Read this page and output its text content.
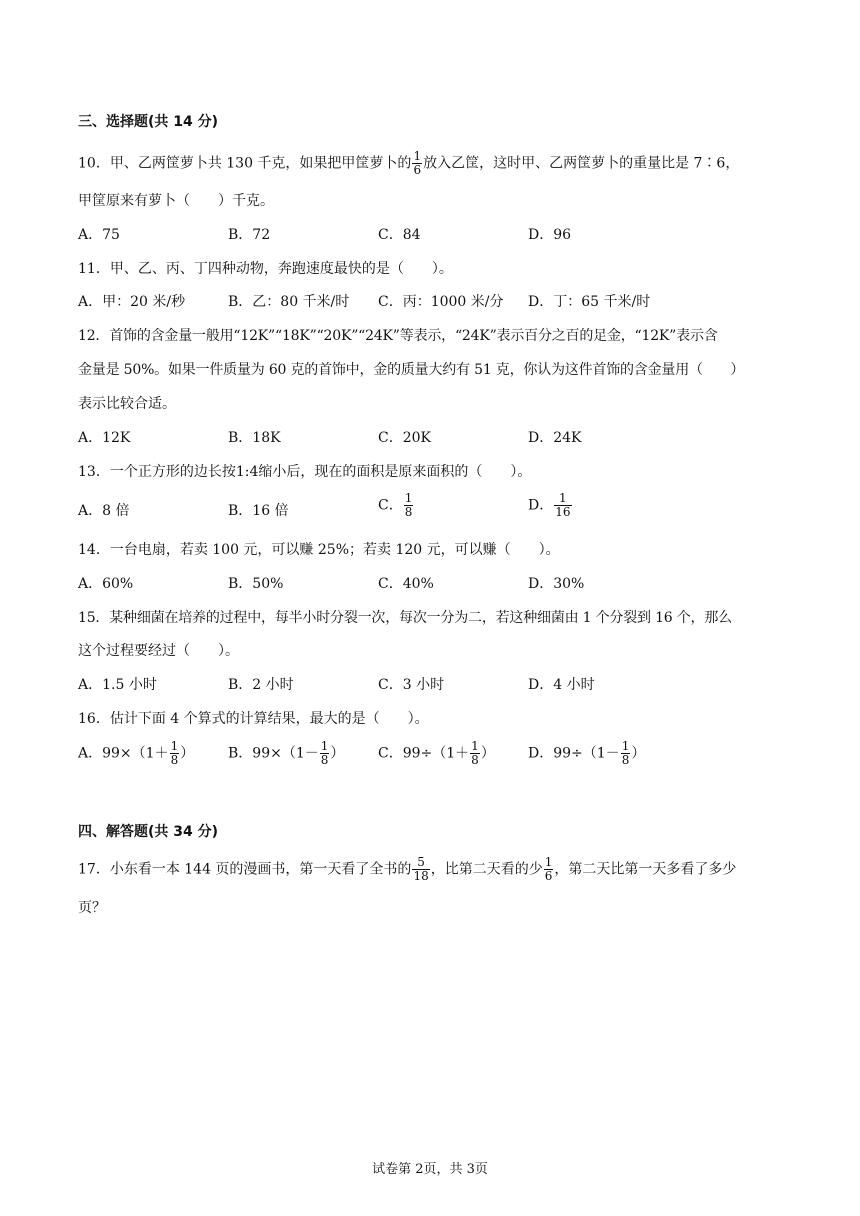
三、选择题(共 14 分)
10．甲、乙两筐萝卜共 130 千克，如果把甲筐萝卜的 $\frac{1}{6}$ 放入乙筐，这时甲、乙两筐萝卜的重量比是 7∶6，
甲筐原来有萝卜（　　）千克。
A．75	B．72	C．84	D．96
11．甲、乙、丙、丁四种动物，奔跑速度最快的是（　　）。
A．甲：20 米/秒	B．乙：80 千米/时 C．丙：1000 米/分 D．丁：65 千米/时
12．首饰的含金量一般用“12K”“18K”“20K”“24K”等表示，“24K”表示百分之百的足金，“12K”表示含
金量是 50%。如果一件质量为 60 克的首饰中，金的质量大约有 51 克，你认为这件首饰的含金量用（　　）
表示比较合适。
A．12K	B．18K	C．20K	D．24K
13．一个正方形的边长按1:4缩小后，现在的面积是原来面积的（　　）。
A．8 倍	B．16 倍	C． $\frac{1}{8}$	D． $\frac{1}{16}$
14．一台电扇，若卖 100 元，可以赚 25%；若卖 120 元，可以赚（　　）。
A．60%	B．50%	C．40%	D．30%
15．某种细菌在培养的过程中，每半小时分裂一次，每次一分为二，若这种细菌由 1 个分裂到 16 个，那么
这个过程要经过（　　）。
A．1.5 小时	B．2 小时	C．3 小时	D．4 小时
16．估计下面 4 个算式的计算结果，最大的是（　　）。
A．$99\times(1+ \frac{1}{8}$ ） B．$99\times(1- \frac{1}{8}$ ） C．$99\div(1+ \frac{1}{8}$ ） D．$99\div(1- \frac{1}{8}$ ）
四、解答题(共 34 分)
17．小东看一本 144 页的漫画书，第一天看了全书的 $\frac{5}{18}$ ，比第二天看的少 $\frac{1}{6}$ ，第二天比第一天多看了多少
页？
试卷第 2页，共 3页
